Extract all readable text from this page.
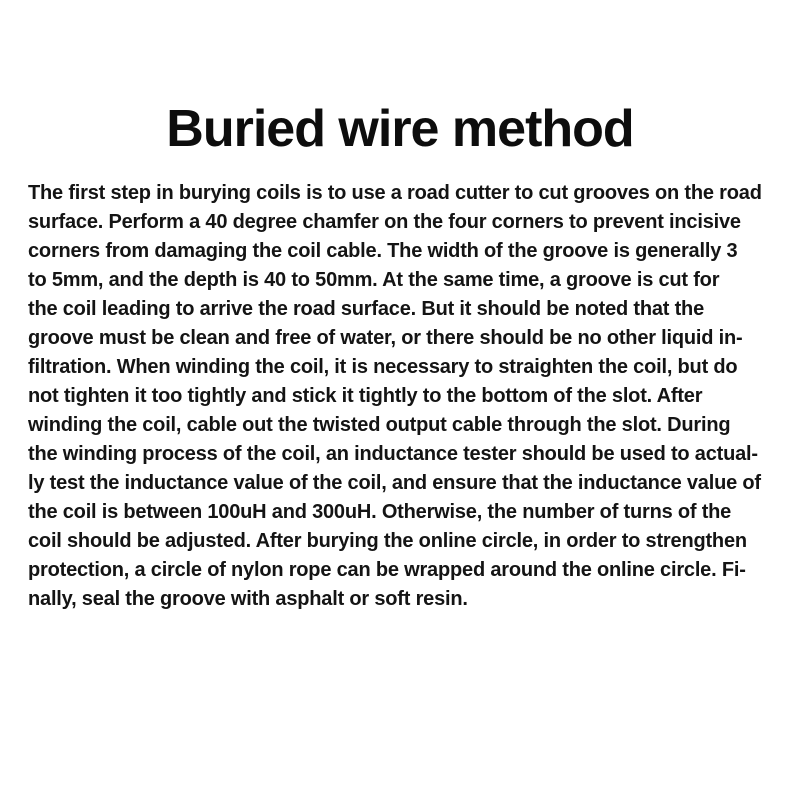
Buried wire method
The first step in burying coils is to use a road cutter to cut grooves on the road
surface. Perform a 40 degree chamfer on the four corners to prevent incisive
corners from damaging the coil cable. The width of the groove is generally 3
to 5mm, and the depth is 40 to 50mm. At the same time, a groove is cut for
the coil leading to arrive the road surface. But it should be noted that the
groove must be clean and free of water, or there should be no other liquid in-
filtration. When winding the coil, it is necessary to straighten the coil, but do
not tighten it too tightly and stick it tightly to the bottom of the slot. After
winding the coil, cable out the twisted output cable through the slot. During
the winding process of the coil, an inductance tester should be used to actual-
ly test the inductance value of the coil, and ensure that the inductance value of
the coil is between 100uH and 300uH. Otherwise, the number of turns of the
coil should be adjusted. After burying the online circle, in order to strengthen
protection, a circle of nylon rope can be wrapped around the online circle. Fi-
nally, seal the groove with asphalt or soft resin.
